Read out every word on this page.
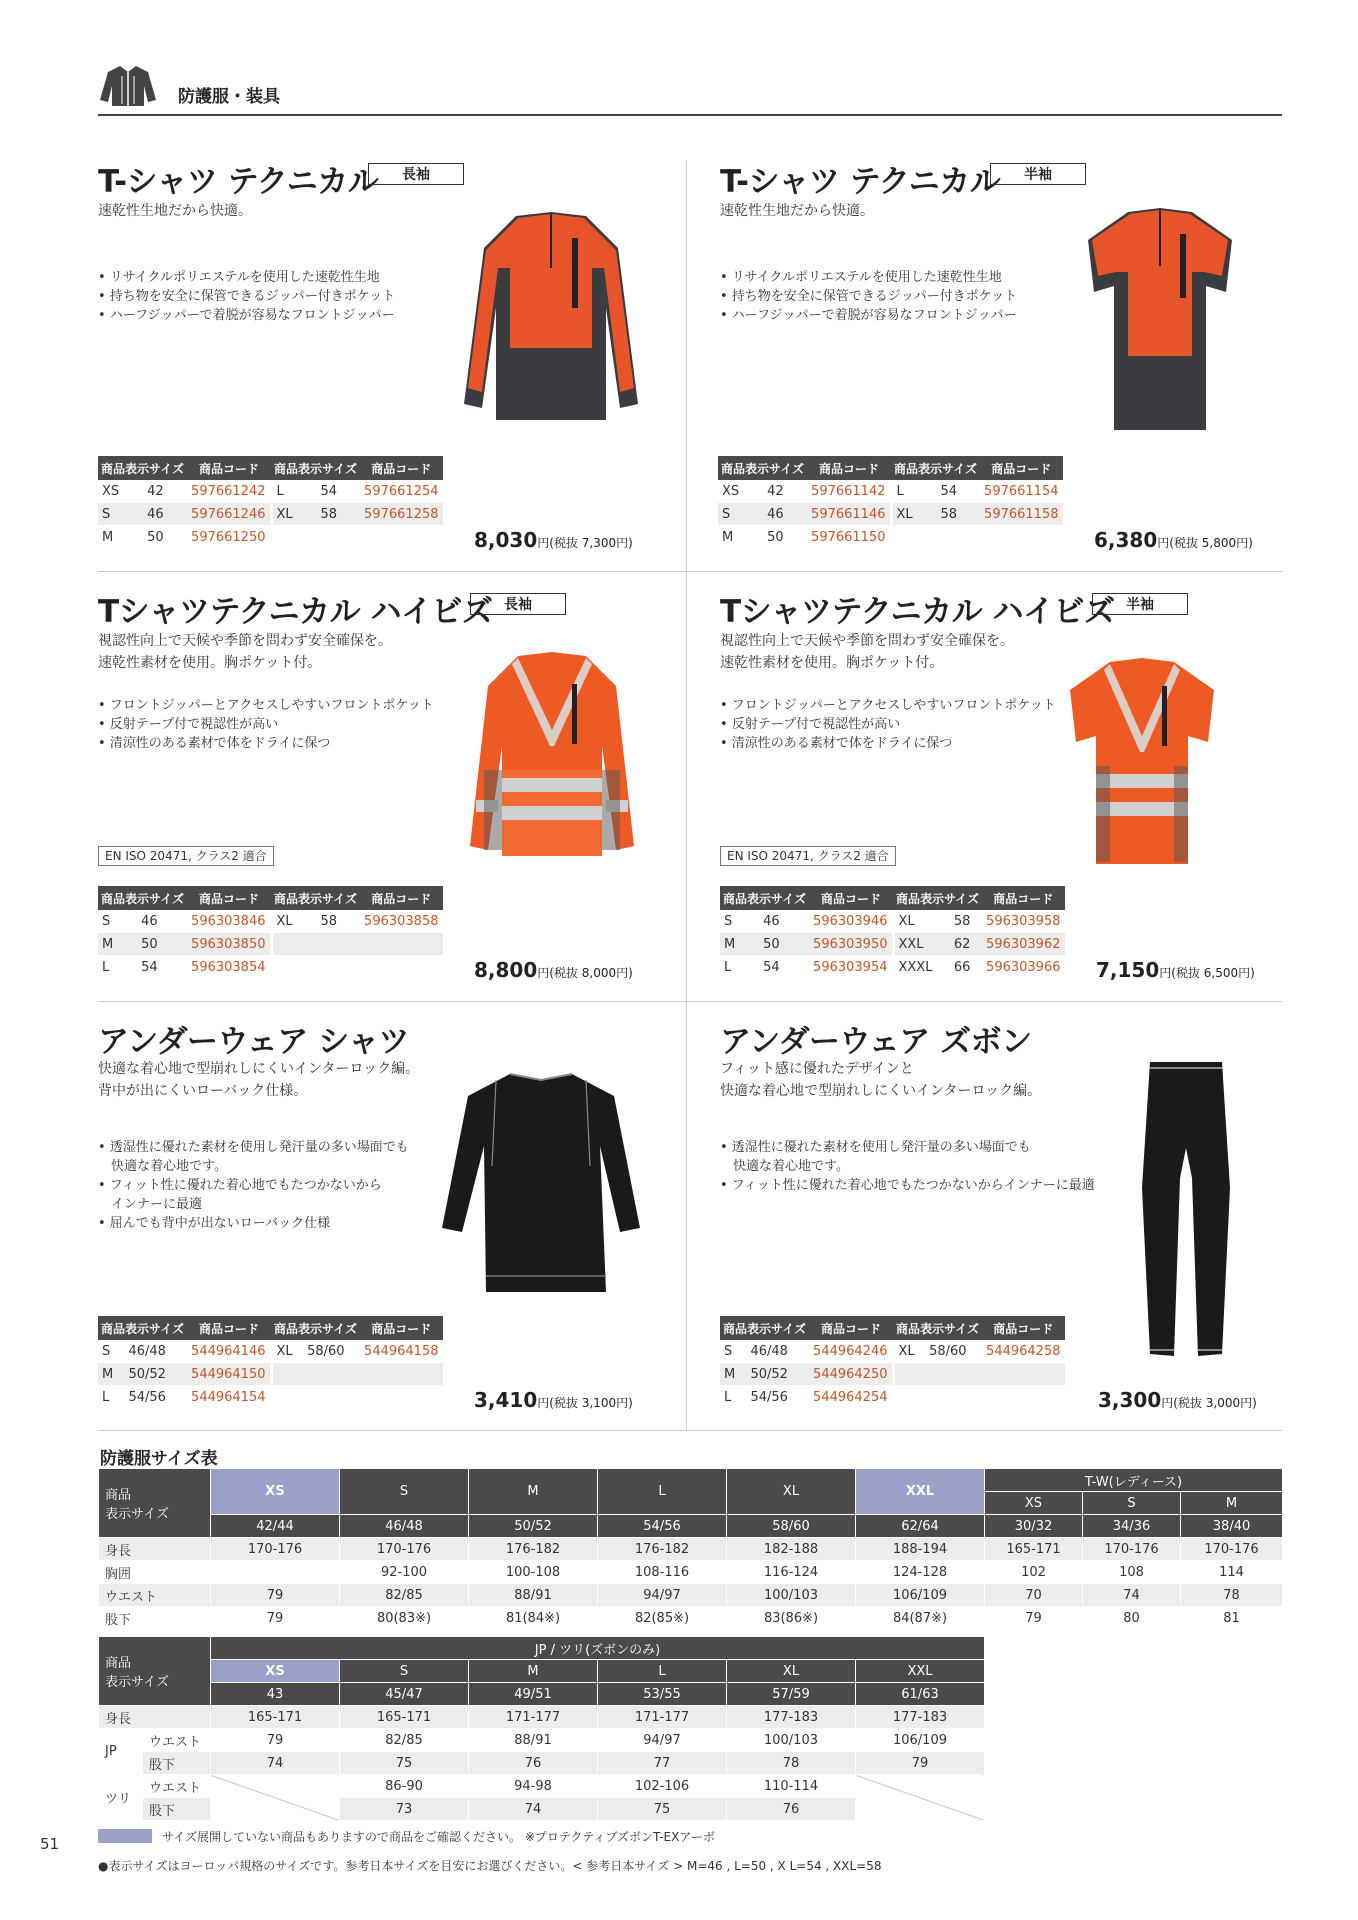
防護服・装具
T-シャツ テクニカル	長袖
速乾性生地だから快適。
• リサイクルポリエステルを使用した速乾性生地
• 持ち物を安全に保管できるジッパー付きポケット
• ハーフジッパーで着脱が容易なフロントジッパー
商品表示サイズ		商品コード	商品表示サイズ		商品コード
XS	42	597661242	L	54	597661254
S	46	597661246	XL	58	597661258
M	50	597661250				8,030円(税抜 7,300円)
T-シャツ テクニカル	半袖
速乾性生地だから快適。
• リサイクルポリエステルを使用した速乾性生地
• 持ち物を安全に保管できるジッパー付きポケット
• ハーフジッパーで着脱が容易なフロントジッパー
商品表示サイズ		商品コード	商品表示サイズ		商品コード
XS	42	597661142	L	54	597661154
S	46	597661146	XL	58	597661158
M	50	597661150				6,380円(税抜 5,800円)
Tシャツテクニカル ハイビズ 長袖
視認性向上で天候や季節を問わず安全確保を。
速乾性素材を使用。胸ポケット付。
• フロントジッパーとアクセスしやすいフロントポケット
• 反射テープ付で視認性が高い
• 清涼性のある素材で体をドライに保つ
EN ISO 20471, クラス2 適合
商品表示サイズ		商品コード	商品表示サイズ		商品コード
S	46	596303846	XL	58	596303858
M	50	596303850			
L	54	596303854				8,800円(税抜 8,000円)
Tシャツテクニカル ハイビズ 半袖
視認性向上で天候や季節を問わず安全確保を。
速乾性素材を使用。胸ポケット付。
• フロントジッパーとアクセスしやすいフロントポケット
• 反射テープ付で視認性が高い
• 清涼性のある素材で体をドライに保つ
EN ISO 20471, クラス2 適合
商品表示サイズ		商品コード	商品表示サイズ		商品コード
S	46	596303946	XL	58	596303958
M	50	596303950	XXL	62	596303962
L	54	596303954	XXXL	66	596303966 7,150円(税抜 6,500円)
アンダーウェア シャツ
快適な着心地で型崩れしにくいインターロック編。
背中が出にくいローバック仕様。
• 透湿性に優れた素材を使用し発汗量の多い場面でも
　快適な着心地です。
• フィット性に優れた着心地でもたつかないから
　インナーに最適
• 屈んでも背中が出ないローバック仕様
商品表示サイズ		商品コード	商品表示サイズ		商品コード
S	46/48	544964146	XL	58/60	544964158
M	50/52	544964150			
L	54/56	544964154				3,410円(税抜 3,100円)
アンダーウェア ズボン
フィット感に優れたデザインと
快適な着心地で型崩れしにくいインターロック編。
• 透湿性に優れた素材を使用し発汗量の多い場面でも
　快適な着心地です。
• フィット性に優れた着心地でもたつかないからインナーに最適
商品表示サイズ		商品コード	商品表示サイズ		商品コード
S	46/48	544964246	XL	58/60	544964258
M	50/52	544964250			
L	54/56	544964254				3,300円(税抜 3,000円)
防護服サイズ表
商品
表示サイズ	XS	S	M	L	XL	XXL	T-W(レディース)		
							XS	S	M
	42/44	46/48	50/52	54/56	58/60	62/64	30/32	34/36	38/40
身長	170-176	170-176	176-182	176-182	182-188	188-194	165-171	170-176	170-176
胸囲		92-100	100-108	108-116	116-124	124-128	102	108	114
ウエスト	79	82/85	88/91	94/97	100/103	106/109	70	74	78
股下	79	80(83※)	81(84※)	82(85※)	83(86※)	84(87※)	79	80	81
商品
表示サイズ		JP / ツリ(ズボンのみ)					
		XS	S	M	L	XL	XXL
		43	45/47	49/51	53/55	57/59	61/63
身長		165-171	165-171	171-177	171-177	177-183	177-183
JP	ウエスト	79	82/85	88/91	94/97	100/103	106/109
	股下	74	75	76	77	78	79
ツリ	ウエスト		86-90	94-98	102-106	110-114	
	股下		73	74	75	76	
サイズ展開していない商品もありますので商品をご確認ください。 ※プロテクティブズボンT-EXアーボ
●表示サイズはヨーロッパ規格のサイズです。参考日本サイズを目安にお選びください。< 参考日本サイズ > M=46 , L=50 , X L=54 , XXL=58
51
